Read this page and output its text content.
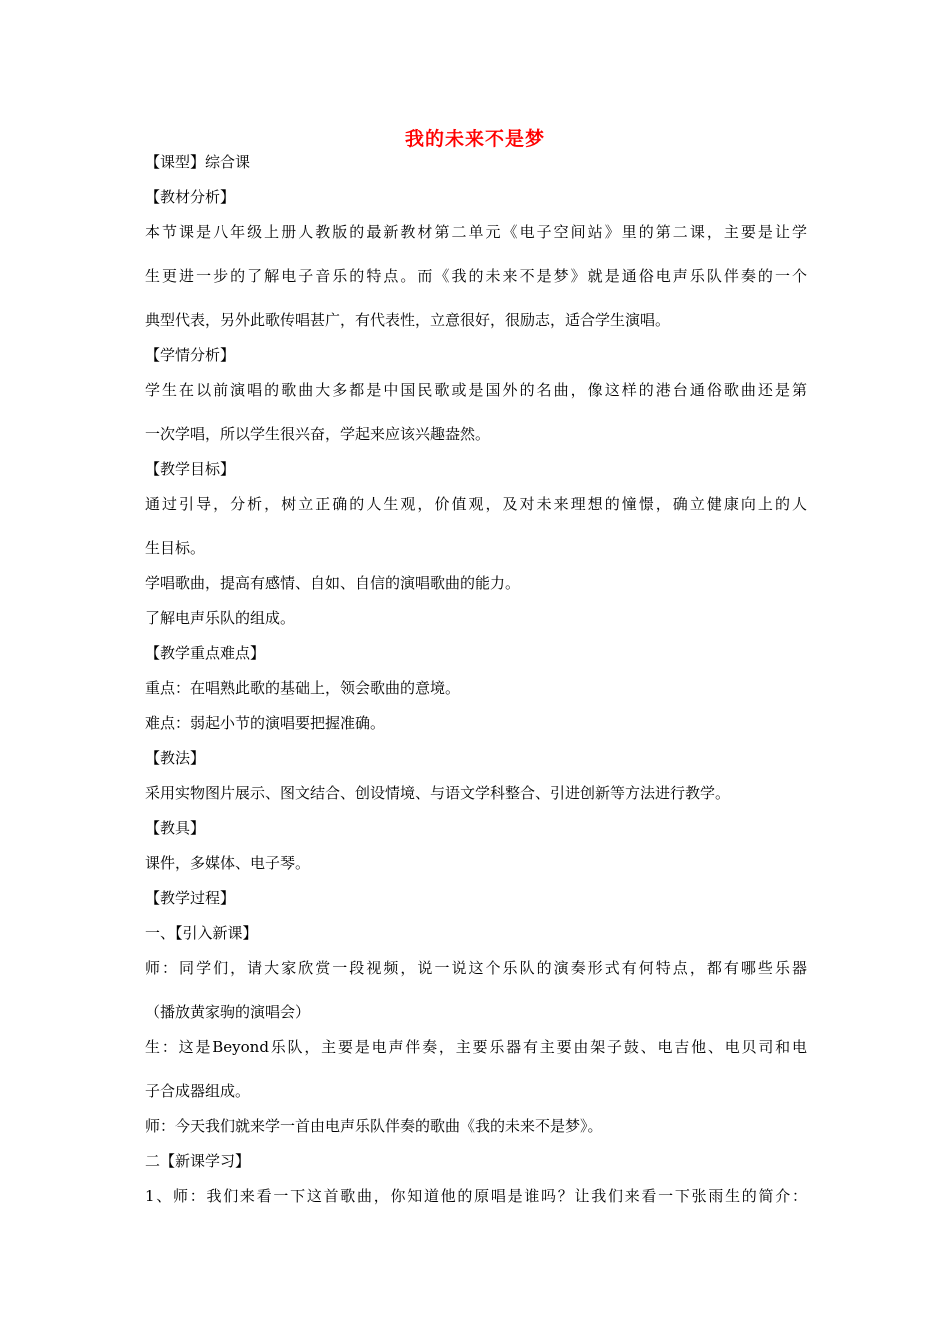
我的未来不是梦

【课型】综合课

【教材分析】

本节课是八年级上册人教版的最新教材第二单元《电子空间站》里的第二课，主要是让学

生更进一步的了解电子音乐的特点。而《我的未来不是梦》就是通俗电声乐队伴奏的一个

典型代表，另外此歌传唱甚广，有代表性，立意很好，很励志，适合学生演唱。

【学情分析】

学生在以前演唱的歌曲大多都是中国民歌或是国外的名曲，像这样的港台通俗歌曲还是第

一次学唱，所以学生很兴奋，学起来应该兴趣盎然。

【教学目标】

通过引导，分析，树立正确的人生观，价值观，及对未来理想的憧憬，确立健康向上的人

生目标。

学唱歌曲，提高有感情、自如、自信的演唱歌曲的能力。

了解电声乐队的组成。

【教学重点难点】

重点：在唱熟此歌的基础上，领会歌曲的意境。

难点：弱起小节的演唱要把握准确。

【教法】

采用实物图片展示、图文结合、创设情境、与语文学科整合、引进创新等方法进行教学。

【教具】

课件，多媒体、电子琴。

【教学过程】

一、【引入新课】

师：同学们，请大家欣赏一段视频，说一说这个乐队的演奏形式有何特点，都有哪些乐器

（播放黄家驹的演唱会）

生：这是Beyond乐队，主要是电声伴奏，主要乐器有主要由架子鼓、电吉他、电贝司和电

子合成器组成。

师：今天我们就来学一首由电声乐队伴奏的歌曲《我的未来不是梦》。

二【新课学习】

1、师：我们来看一下这首歌曲，你知道他的原唱是谁吗？让我们来看一下张雨生的简介：
